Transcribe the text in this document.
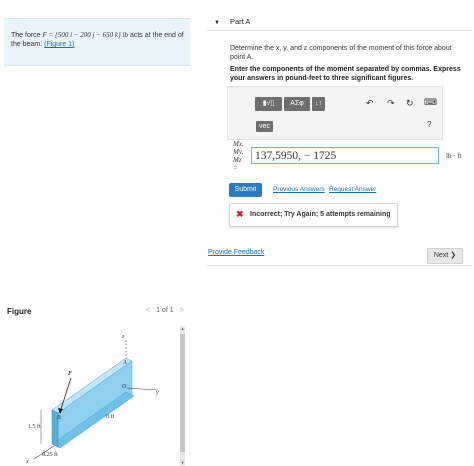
The force F = {500 i − 200 j − 650 k} lb acts at the end of the beam. (Figure 1)

Figure	< 1 of 1 >
z
x
y
A
O
B
F
8 ft
1.5 ft
0.25 ft
▲
▼
▼ Part A
Determine the x, y, and z components of the moment of this force about point A.
Enter the components of the moment separated by commas. Express your answers in pound-feet to three significant figures.
▮√▯	ΑΣφ	↓↑
vec
↶ ↷ ↻ ⌨
?
Mx,
My,
Mz
=
137,5950, − 1725	lb · ft
Submit	Previous Answers Request Answer
✖ Incorrect; Try Again; 5 attempts remaining
Provide Feedback	Next ❯
